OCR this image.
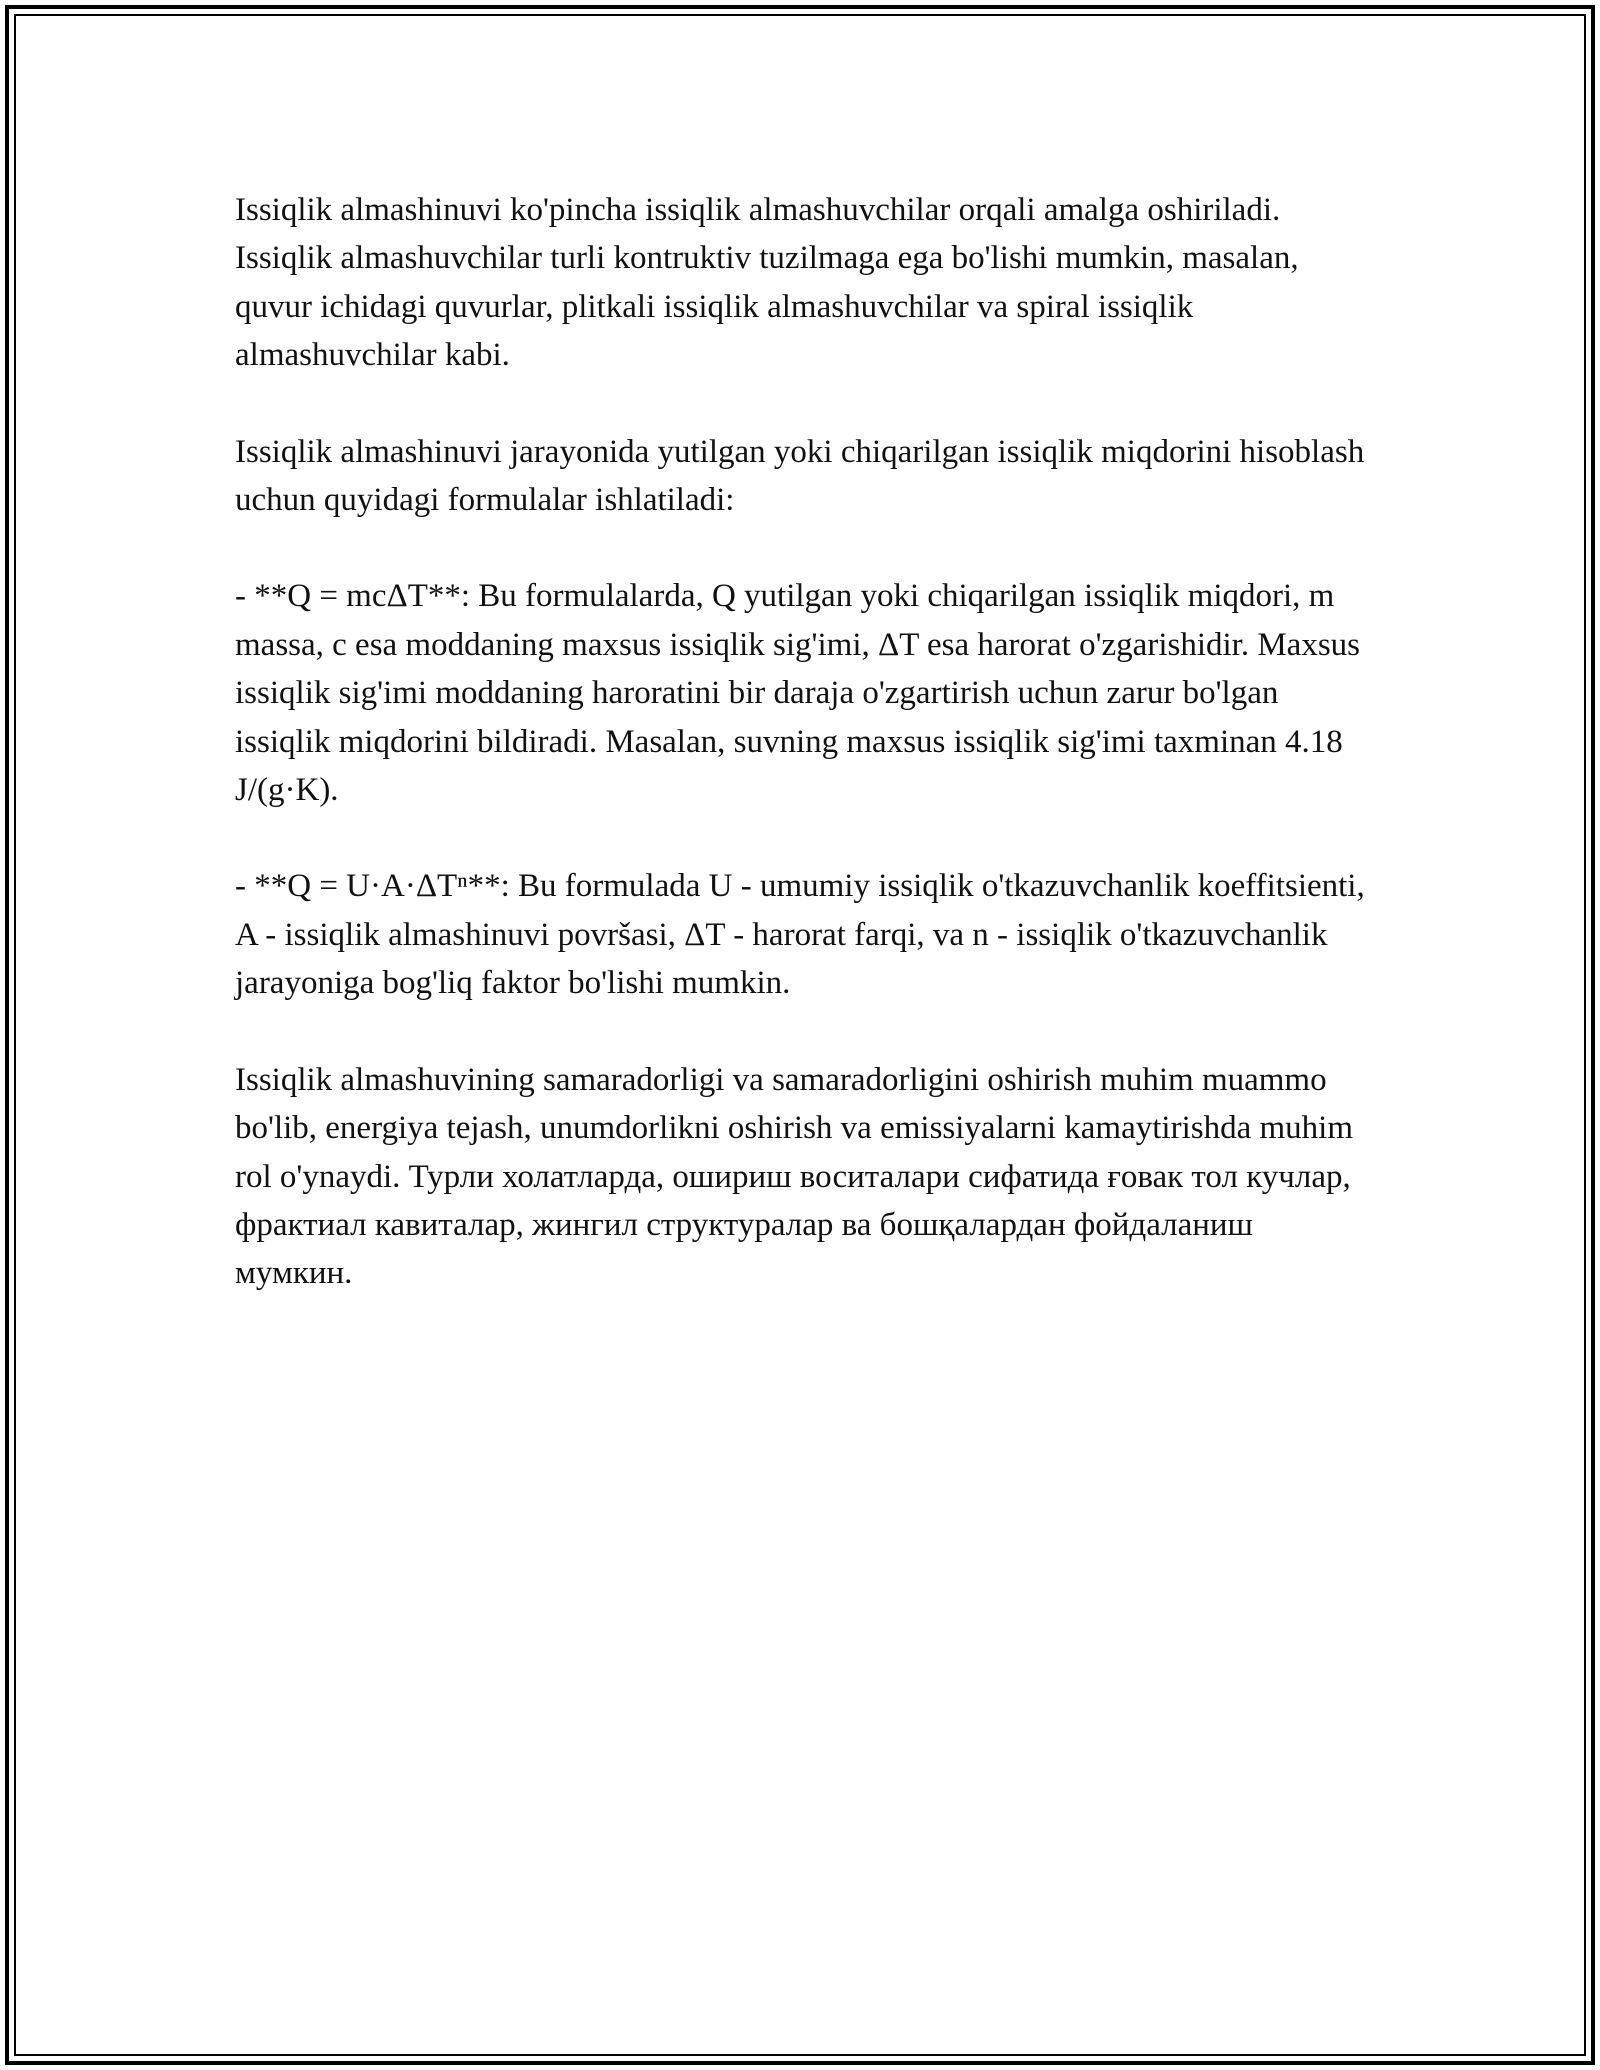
Issiqlik almashinuvi ko'pincha issiqlik almashuvchilar orqali amalga oshiriladi. Issiqlik almashuvchilar turli kontruktiv tuzilmaga ega bo'lishi mumkin, masalan, quvur ichidagi quvurlar, plitkali issiqlik almashuvchilar va spiral issiqlik almashuvchilar kabi.

Issiqlik almashinuvi jarayonida yutilgan yoki chiqarilgan issiqlik miqdorini hisoblash uchun quyidagi formulalar ishlatiladi:

- **Q = mcΔT**: Bu formulalarda, Q yutilgan yoki chiqarilgan issiqlik miqdori, m massa, c esa moddaning maxsus issiqlik sig'imi, ΔT esa harorat o'zgarishidir. Maxsus issiqlik sig'imi moddaning haroratini bir daraja o'zgartirish uchun zarur bo'lgan issiqlik miqdorini bildiradi. Masalan, suvning maxsus issiqlik sig'imi taxminan 4.18 J/(g·K).

- **Q = U·A·ΔTⁿ**: Bu formulada U - umumiy issiqlik o'tkazuvchanlik koeffitsienti, A - issiqlik almashinuvi površasi, ΔT - harorat farqi, va n - issiqlik o'tkazuvchanlik jarayoniga bog'liq faktor bo'lishi mumkin.

Issiqlik almashuvining samaradorligi va samaradorligini oshirish muhim muammo bo'lib, energiya tejash, unumdorlikni oshirish va emissiyalarni kamaytirishda muhim rol o'ynaydi. Турли холатларда, ошириш воситалари сифатида ғовак тол кучлар, фрактиал кавиталар, жингил структуралар ва бошқалардан фойдаланиш мумкин.
